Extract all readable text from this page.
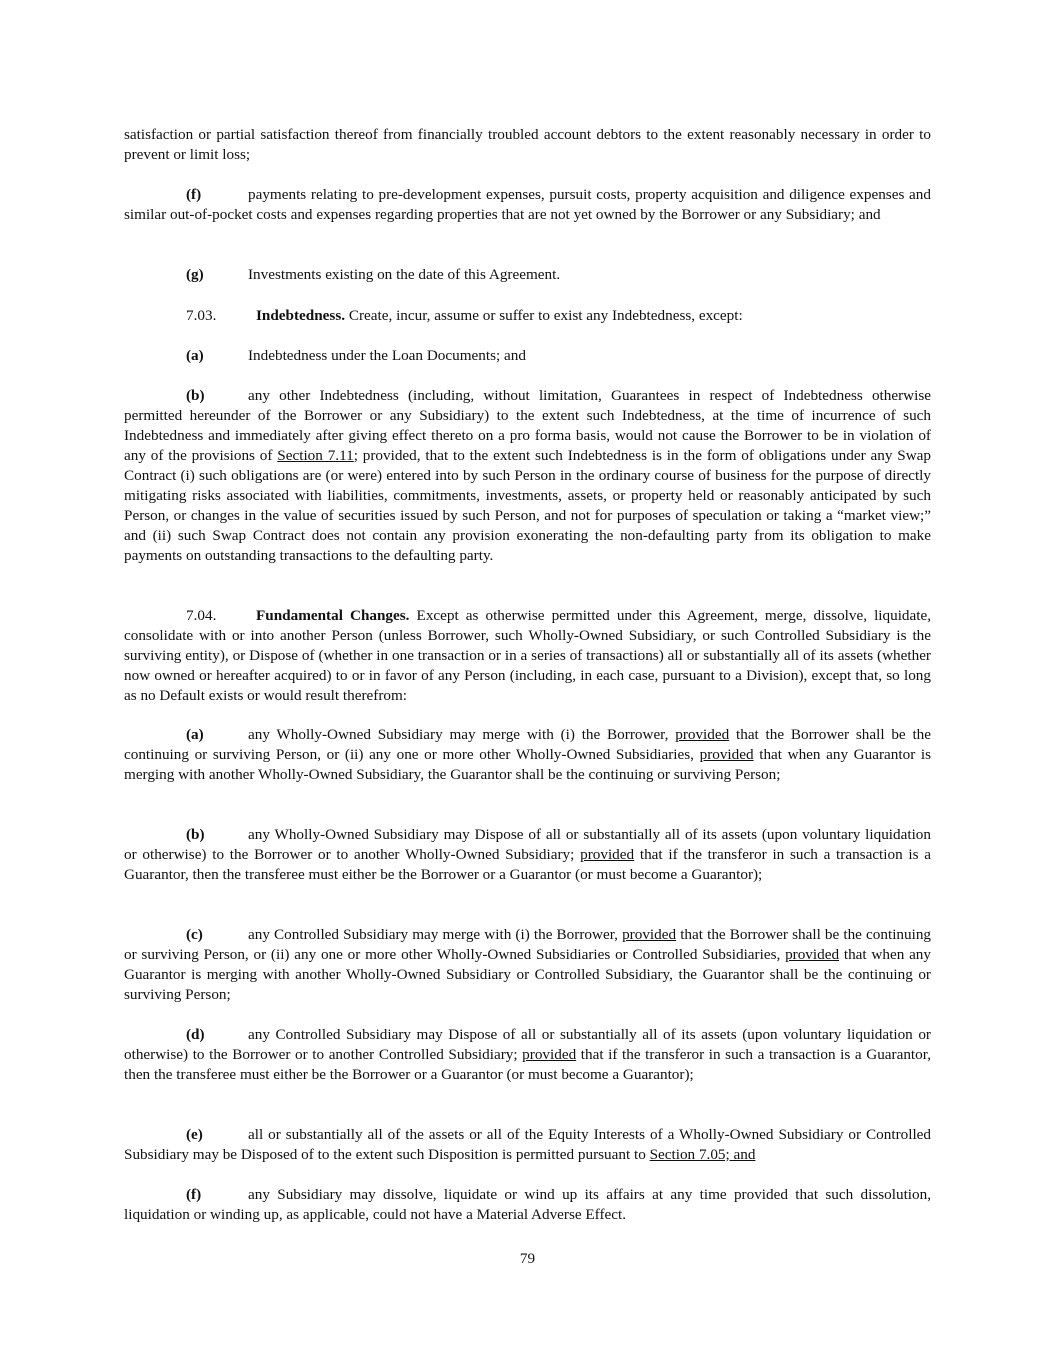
satisfaction or partial satisfaction thereof from financially troubled account debtors to the extent reasonably necessary in order to prevent or limit loss;

(f)	payments relating to pre-development expenses, pursuit costs, property acquisition and diligence expenses and similar out-of-pocket costs and expenses regarding properties that are not yet owned by the Borrower or any Subsidiary; and

(g)	Investments existing on the date of this Agreement.

7.03.	Indebtedness. Create, incur, assume or suffer to exist any Indebtedness, except:

(a)	Indebtedness under the Loan Documents; and

(b)	any other Indebtedness (including, without limitation, Guarantees in respect of Indebtedness otherwise permitted hereunder of the Borrower or any Subsidiary) to the extent such Indebtedness, at the time of incurrence of such Indebtedness and immediately after giving effect thereto on a pro forma basis, would not cause the Borrower to be in violation of any of the provisions of Section 7.11; provided, that to the extent such Indebtedness is in the form of obligations under any Swap Contract (i) such obligations are (or were) entered into by such Person in the ordinary course of business for the purpose of directly mitigating risks associated with liabilities, commitments, investments, assets, or property held or reasonably anticipated by such Person, or changes in the value of securities issued by such Person, and not for purposes of speculation or taking a “market view;” and (ii) such Swap Contract does not contain any provision exonerating the non-defaulting party from its obligation to make payments on outstanding transactions to the defaulting party.

7.04.	Fundamental Changes. Except as otherwise permitted under this Agreement, merge, dissolve, liquidate, consolidate with or into another Person (unless Borrower, such Wholly-Owned Subsidiary, or such Controlled Subsidiary is the surviving entity), or Dispose of (whether in one transaction or in a series of transactions) all or substantially all of its assets (whether now owned or hereafter acquired) to or in favor of any Person (including, in each case, pursuant to a Division), except that, so long as no Default exists or would result therefrom:

(a)	any Wholly-Owned Subsidiary may merge with (i) the Borrower, provided that the Borrower shall be the continuing or surviving Person, or (ii) any one or more other Wholly-Owned Subsidiaries, provided that when any Guarantor is merging with another Wholly-Owned Subsidiary, the Guarantor shall be the continuing or surviving Person;

(b)	any Wholly-Owned Subsidiary may Dispose of all or substantially all of its assets (upon voluntary liquidation or otherwise) to the Borrower or to another Wholly-Owned Subsidiary; provided that if the transferor in such a transaction is a Guarantor, then the transferee must either be the Borrower or a Guarantor (or must become a Guarantor);

(c)	any Controlled Subsidiary may merge with (i) the Borrower, provided that the Borrower shall be the continuing or surviving Person, or (ii) any one or more other Wholly-Owned Subsidiaries or Controlled Subsidiaries, provided that when any Guarantor is merging with another Wholly-Owned Subsidiary or Controlled Subsidiary, the Guarantor shall be the continuing or surviving Person;

(d)	any Controlled Subsidiary may Dispose of all or substantially all of its assets (upon voluntary liquidation or otherwise) to the Borrower or to another Controlled Subsidiary; provided that if the transferor in such a transaction is a Guarantor, then the transferee must either be the Borrower or a Guarantor (or must become a Guarantor);

(e)	all or substantially all of the assets or all of the Equity Interests of a Wholly-Owned Subsidiary or Controlled Subsidiary may be Disposed of to the extent such Disposition is permitted pursuant to Section 7.05; and

(f)	any Subsidiary may dissolve, liquidate or wind up its affairs at any time provided that such dissolution, liquidation or winding up, as applicable, could not have a Material Adverse Effect.

79
